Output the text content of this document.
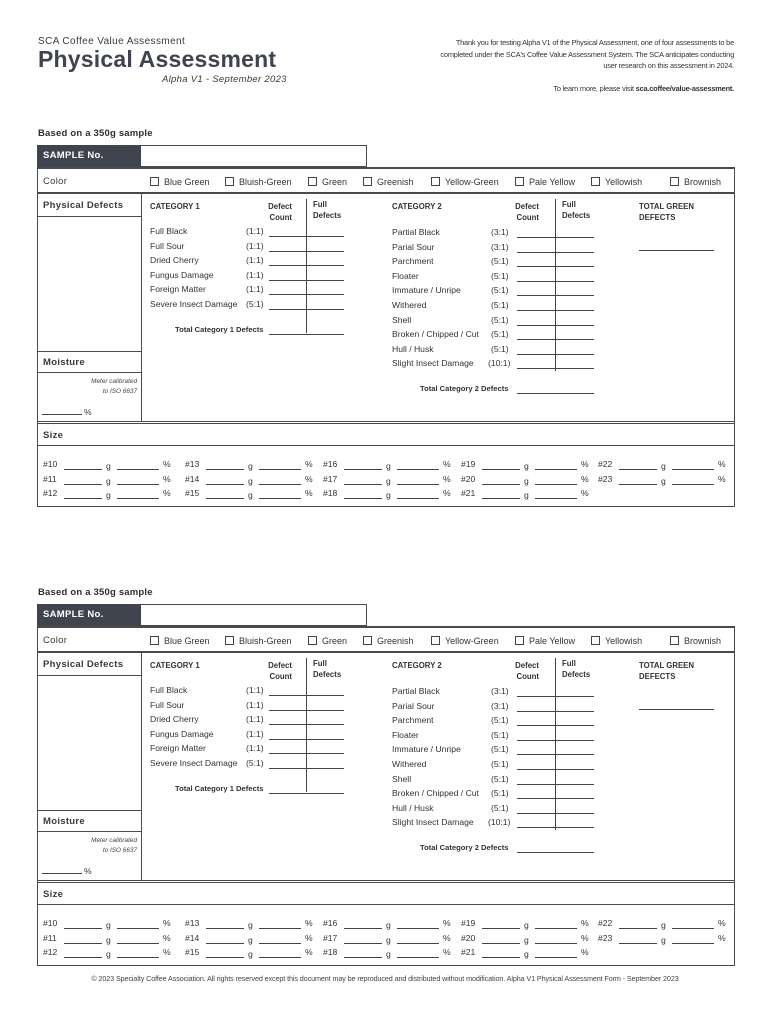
SCA Coffee Value Assessment
Physical Assessment
Alpha V1 - September 2023
Thank you for testing Alpha V1 of the Physical Assessment, one of four assessments to be completed under the SCA's Coffee Value Assessment System. The SCA anticipates conducting user research on this assessment in 2024.
To learn more, please visit sca.coffee/value-assessment.
Based on a 350g sample
SAMPLE No.
Color
Physical Defects
Moisture
Meter calibrated
to ISO 6637
%
Size
Blue Green	Bluish-Green	Green	Greenish	Yellow-Green	Pale Yellow	Yellowish	Brownish
CATEGORY 1	Defect
Count
Full
Defects
Full Black	(1:1)
Full Sour	(1:1)
Dried Cherry	(1:1)
Fungus Damage	(1:1)
Foreign Matter	(1:1)
Severe Insect Damage (5:1)
Total Category 1 Defects
CATEGORY 2	Defect
Count
Full
Defects
Partial Black	(3:1)
Parial Sour	(3:1)
Parchment	(5:1)
Floater	(5:1)
Immature / Unripe	(5:1)
Withered	(5:1)
Shell	(5:1)
Broken / Chipped / Cut (5:1)
Hull / Husk	(5:1)
Slight Insect Damage (10:1)
Total Category 2 Defects
TOTAL GREEN
DEFECTS
#10	g	%
#11	g	%
#12	g	%
#13	g	%
#14	g	%
#15	g	%
#16	g	%
#17	g	%
#18	g	%
#19	g	%
#20	g	%
#21	g	%
#22	g	%
#23	g	%
Based on a 350g sample
SAMPLE No.
Color
Physical Defects
Moisture
Meter calibrated
to ISO 6637
%
Size
Blue Green	Bluish-Green	Green	Greenish	Yellow-Green	Pale Yellow	Yellowish	Brownish
CATEGORY 1	Defect
Count
Full
Defects
Full Black	(1:1)
Full Sour	(1:1)
Dried Cherry	(1:1)
Fungus Damage	(1:1)
Foreign Matter	(1:1)
Severe Insect Damage (5:1)
Total Category 1 Defects
CATEGORY 2	Defect
Count
Full
Defects
Partial Black	(3:1)
Parial Sour	(3:1)
Parchment	(5:1)
Floater	(5:1)
Immature / Unripe	(5:1)
Withered	(5:1)
Shell	(5:1)
Broken / Chipped / Cut (5:1)
Hull / Husk	(5:1)
Slight Insect Damage (10:1)
Total Category 2 Defects
TOTAL GREEN
DEFECTS
#10	g	%
#11	g	%
#12	g	%
#13	g	%
#14	g	%
#15	g	%
#16	g	%
#17	g	%
#18	g	%
#19	g	%
#20	g	%
#21	g	%
#22	g	%
#23	g	%
© 2023 Specialty Coffee Association. All rights reserved except this document may be reproduced and distributed without modification. Alpha V1 Physical Assessment Form - September 2023
